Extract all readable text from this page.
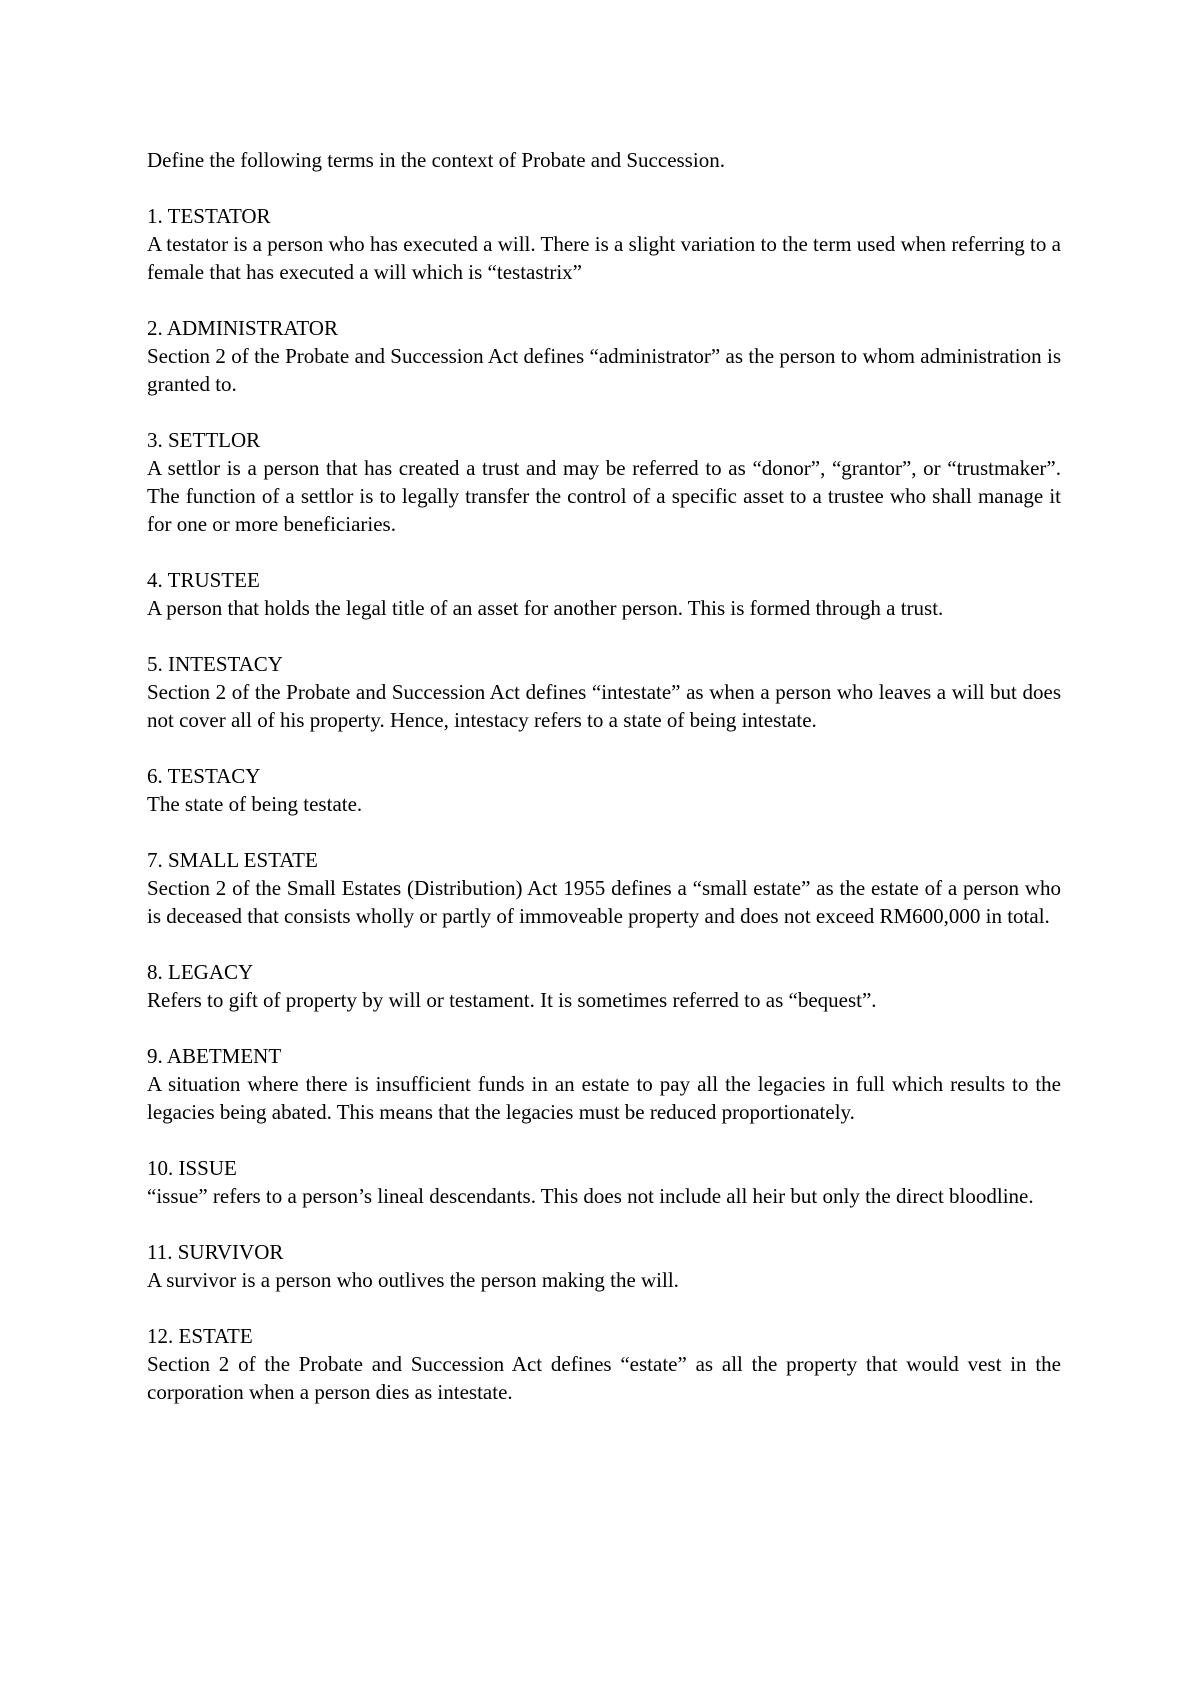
Define the following terms in the context of Probate and Succession.

1. TESTATOR
A testator is a person who has executed a will. There is a slight variation to the term used when referring to a female that has executed a will which is “testastrix”
2. ADMINISTRATOR
Section 2 of the Probate and Succession Act defines “administrator” as the person to whom administration is granted to.
3. SETTLOR
A settlor is a person that has created a trust and may be referred to as “donor”, “grantor”, or “trustmaker”. The function of a settlor is to legally transfer the control of a specific asset to a trustee who shall manage it for one or more beneficiaries.
4. TRUSTEE
A person that holds the legal title of an asset for another person. This is formed through a trust.
5. INTESTACY
Section 2 of the Probate and Succession Act defines “intestate” as when a person who leaves a will but does not cover all of his property. Hence, intestacy refers to a state of being intestate.
6. TESTACY
The state of being testate.
7. SMALL ESTATE
Section 2 of the Small Estates (Distribution) Act 1955 defines a “small estate” as the estate of a person who is deceased that consists wholly or partly of immoveable property and does not exceed RM600,000 in total.
8. LEGACY
Refers to gift of property by will or testament. It is sometimes referred to as “bequest”.
9. ABETMENT
A situation where there is insufficient funds in an estate to pay all the legacies in full which results to the legacies being abated. This means that the legacies must be reduced proportionately.
10. ISSUE
“issue” refers to a person’s lineal descendants. This does not include all heir but only the direct bloodline.
11. SURVIVOR
A survivor is a person who outlives the person making the will.
12. ESTATE
Section 2 of the Probate and Succession Act defines “estate” as all the property that would vest in the corporation when a person dies as intestate.
